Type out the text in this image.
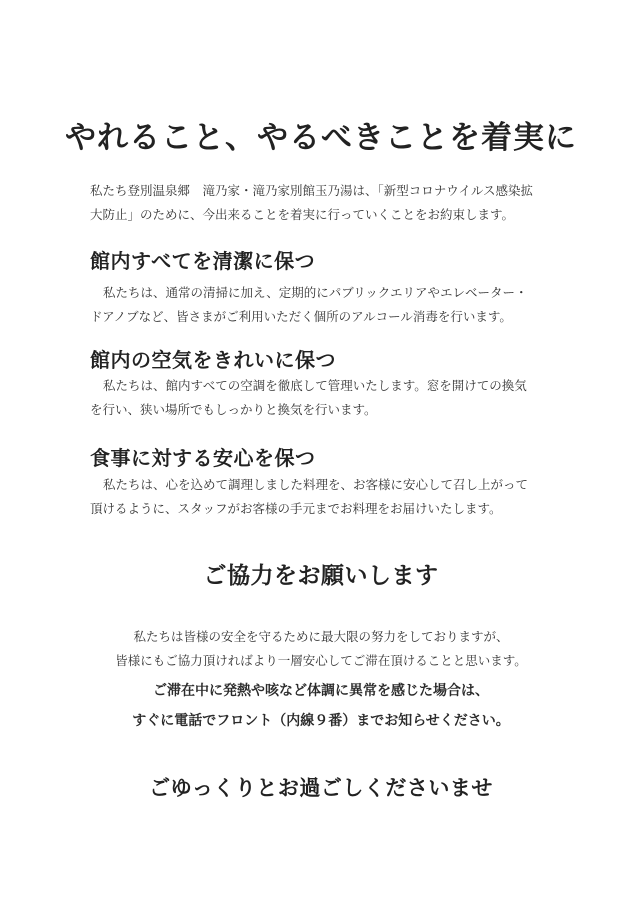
やれること、やるべきことを着実に
私たち登別温泉郷　滝乃家・滝乃家別館玉乃湯は、「新型コロナウイルス感染拡
大防止」のために、今出来ることを着実に行っていくことをお約束します。
館内すべてを清潔に保つ
私たちは、通常の清掃に加え、定期的にパブリックエリアやエレベーター・
ドアノブなど、皆さまがご利用いただく個所のアルコール消毒を行います。
館内の空気をきれいに保つ
私たちは、館内すべての空調を徹底して管理いたします。窓を開けての換気
を行い、狭い場所でもしっかりと換気を行います。
食事に対する安心を保つ
私たちは、心を込めて調理しました料理を、お客様に安心して召し上がって
頂けるように、スタッフがお客様の手元までお料理をお届けいたします。
ご協力をお願いします
私たちは皆様の安全を守るために最大限の努力をしておりますが、
皆様にもご協力頂ければより一層安心してご滞在頂けることと思います。
ご滞在中に発熱や咳など体調に異常を感じた場合は、
すぐに電話でフロント（内線９番）までお知らせください。
ごゆっくりとお過ごしくださいませ
